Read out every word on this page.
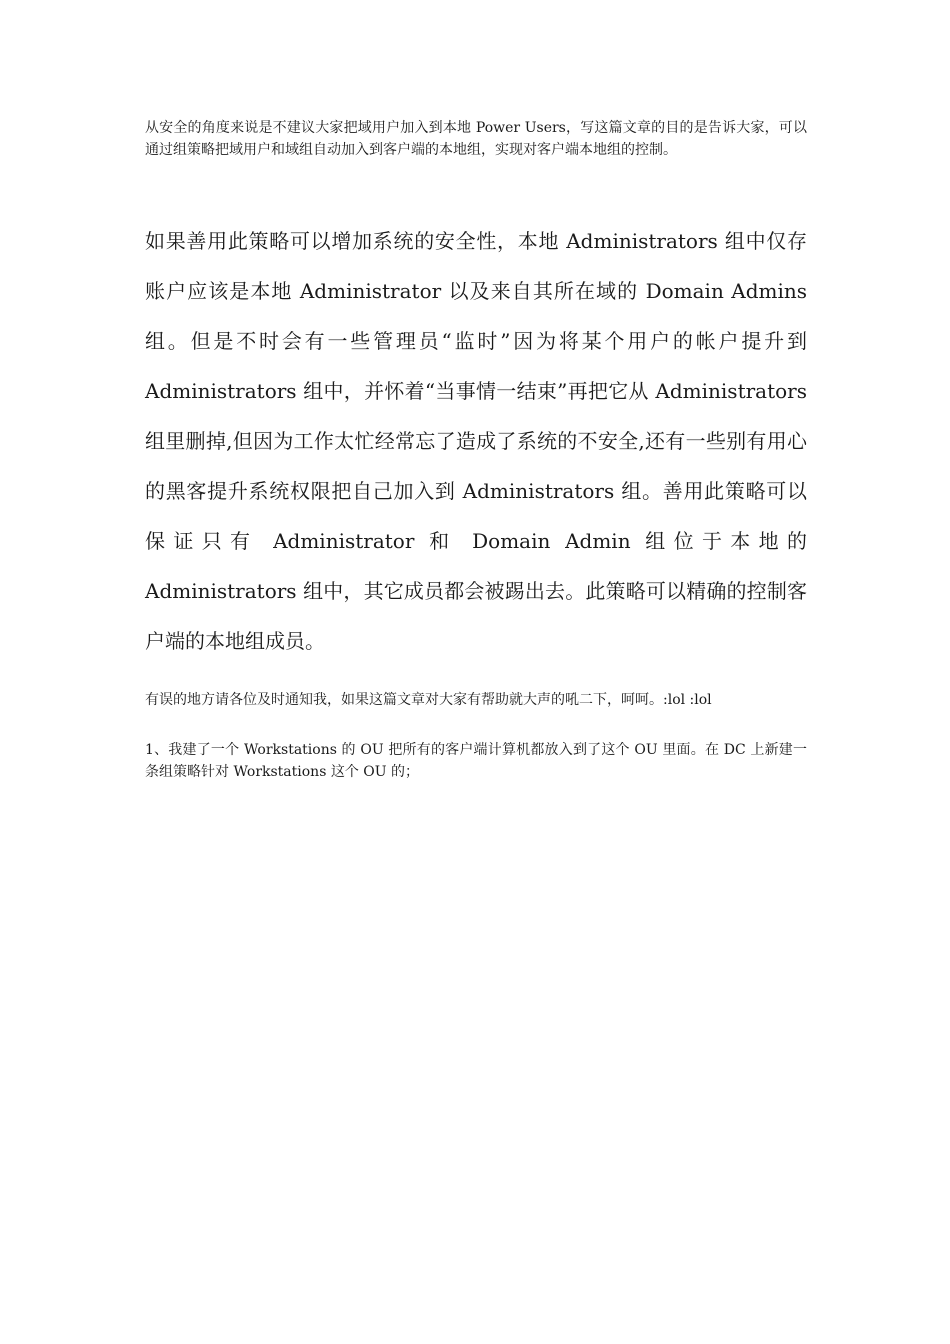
从安全的角度来说是不建议大家把域用户加入到本地 Power Users，写这篇文章的目的是告诉大家，可以通过组策略把域用户和域组自动加入到客户端的本地组，实现对客户端本地组的控制。

如果善用此策略可以增加系统的安全性，本地 Administrators 组中仅存账户应该是本地 Administrator 以及来自其所在域的 Domain Admins 组。但是不时会有一些管理员“监时”因为将某个用户的帐户提升到 Administrators 组中，并怀着“当事情一结束”再把它从 Administrators 组里删掉,但因为工作太忙经常忘了造成了系统的不安全,还有一些别有用心的黑客提升系统权限把自己加入到 Administrators 组。善用此策略可以保证只有 Administrator 和 Domain Admin 组位于本地的 Administrators 组中，其它成员都会被踢出去。此策略可以精确的控制客户端的本地组成员。

有误的地方请各位及时通知我，如果这篇文章对大家有帮助就大声的吼二下，呵呵。:lol :lol

1、我建了一个 Workstations 的 OU 把所有的客户端计算机都放入到了这个 OU 里面。在 DC 上新建一条组策略针对 Workstations 这个 OU 的；
